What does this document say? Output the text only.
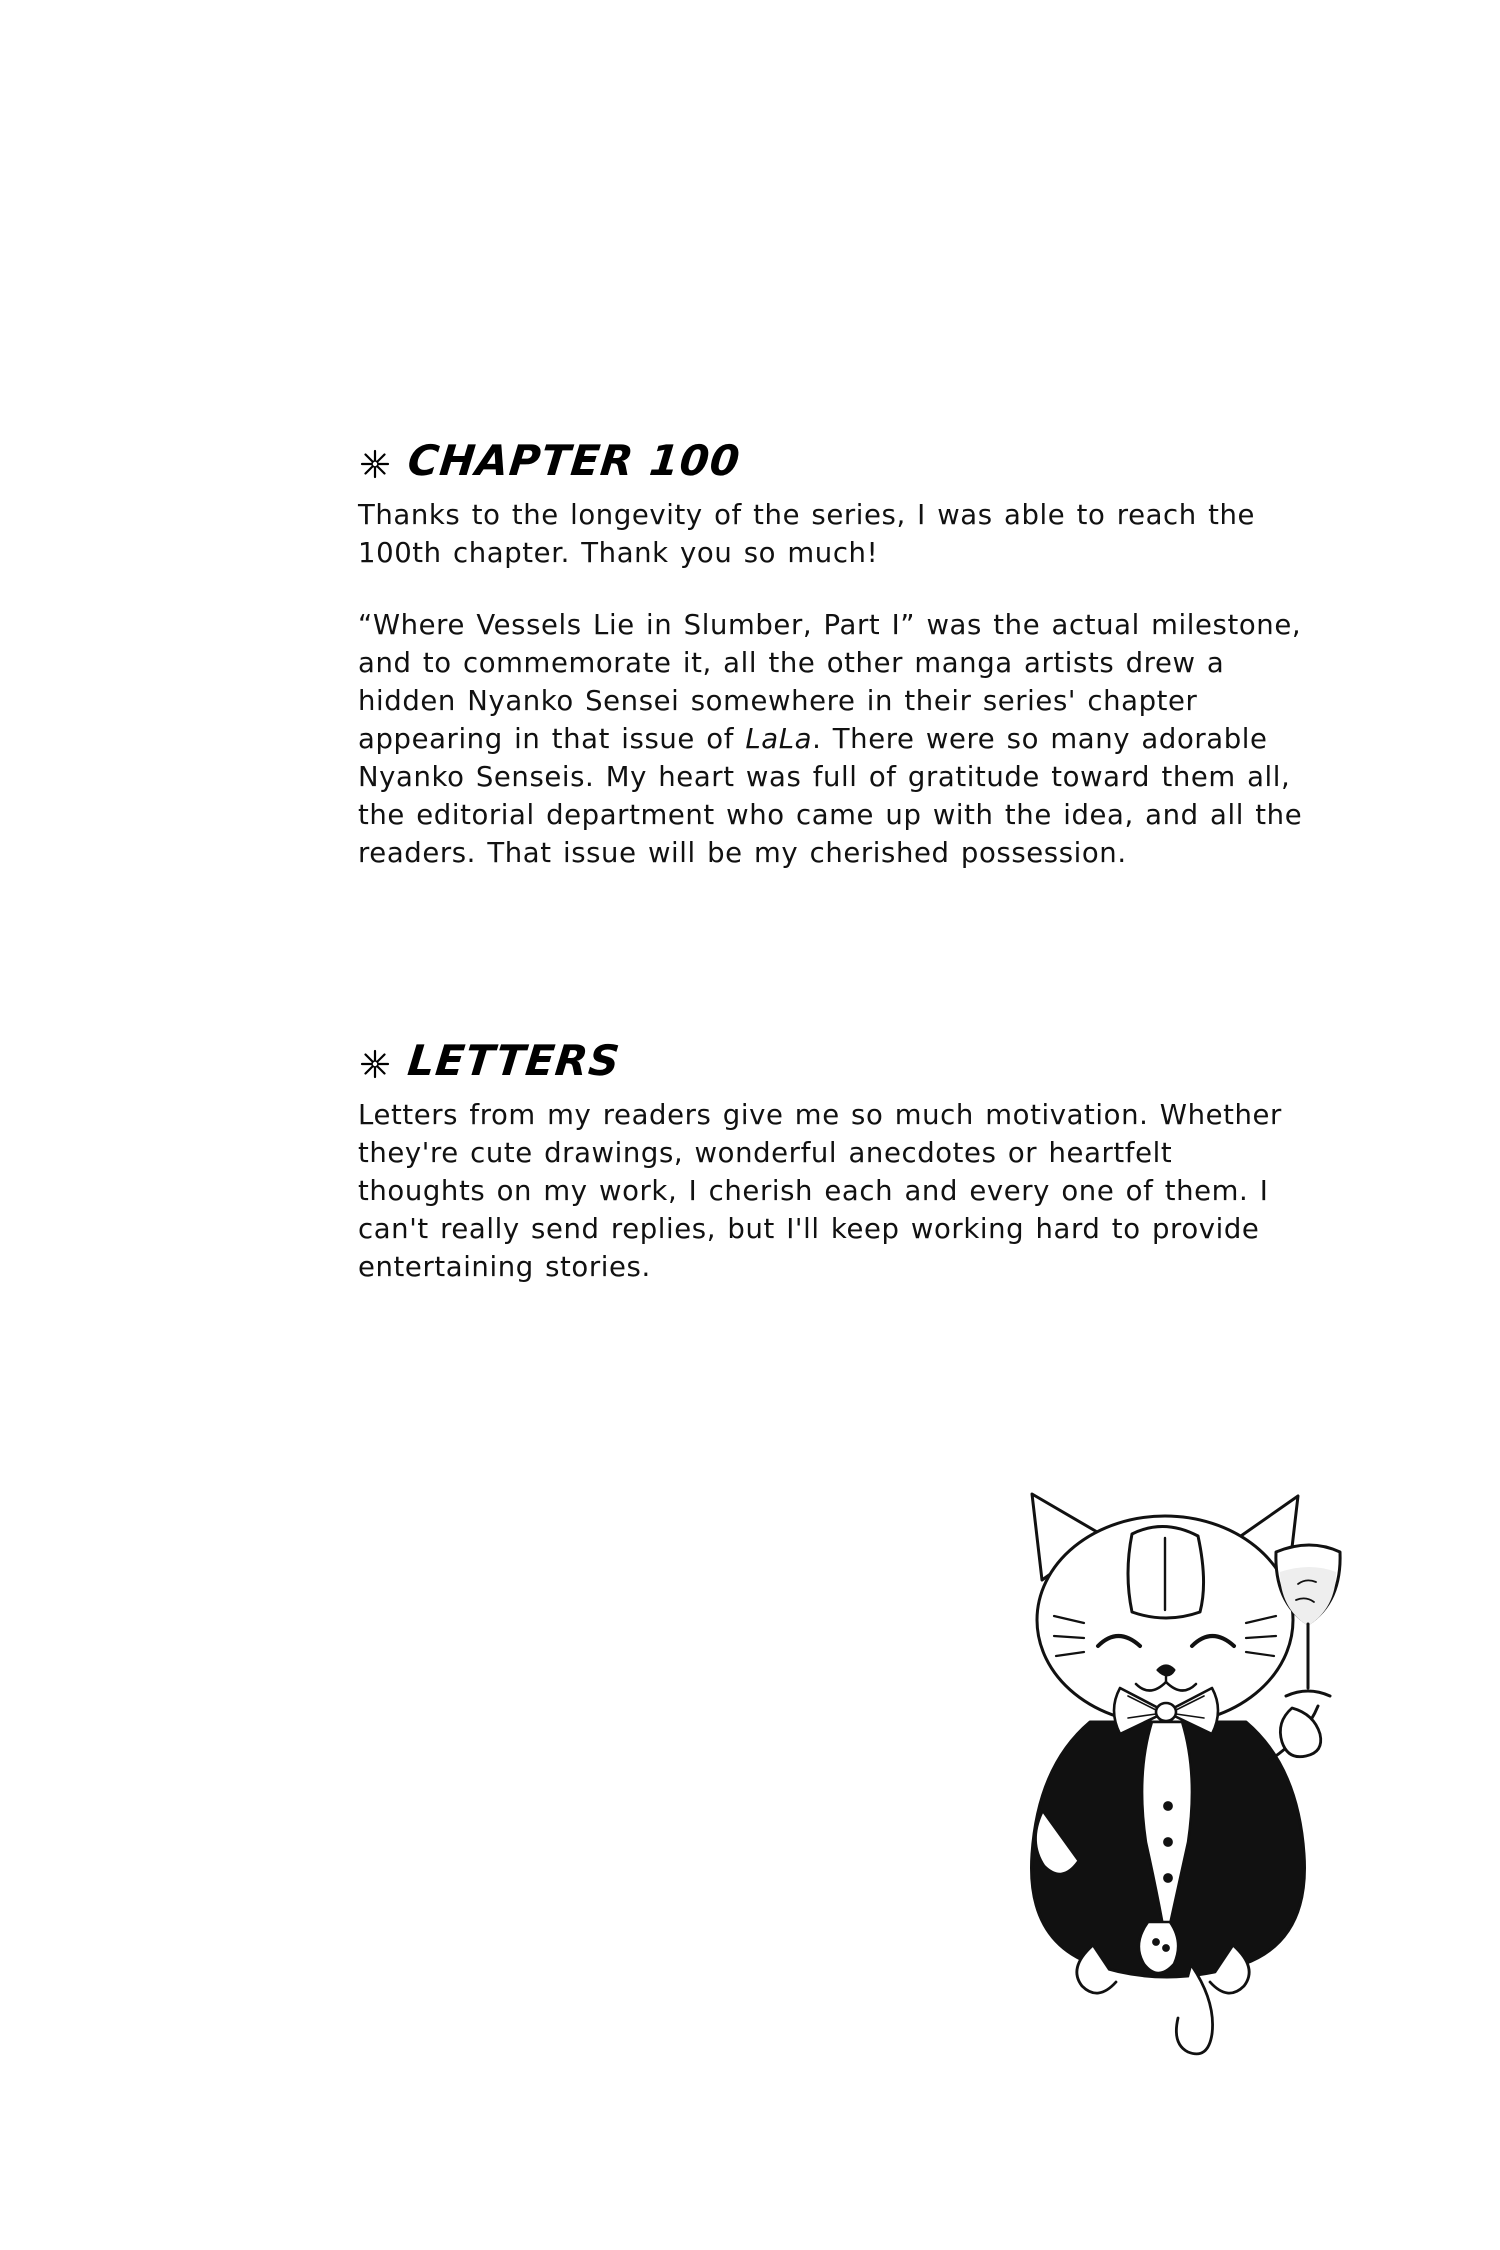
CHAPTER 100

Thanks to the longevity of the series, I was able to reach the 100th chapter. Thank you so much!

“Where Vessels Lie in Slumber, Part I” was the actual milestone, and to commemorate it, all the other manga artists drew a hidden Nyanko Sensei somewhere in their series' chapter appearing in that issue of LaLa. There were so many adorable Nyanko Senseis. My heart was full of gratitude toward them all, the editorial department who came up with the idea, and all the readers. That issue will be my cherished possession.

LETTERS

Letters from my readers give me so much motivation. Whether they're cute drawings, wonderful anecdotes or heartfelt thoughts on my work, I cherish each and every one of them. I can't really send replies, but I'll keep working hard to provide entertaining stories.
